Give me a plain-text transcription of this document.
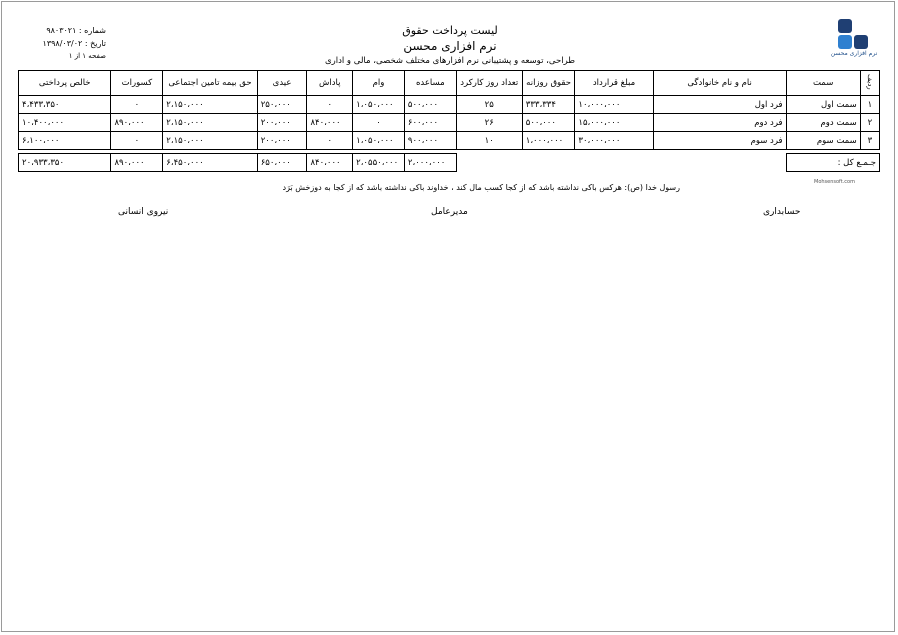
شماره : ۹۸۰۳۰۲۱
تاریخ : ۱۳۹۸/۰۳/۰۲
صفحه ۱ از ۱
لیست پرداخت حقوق
نرم افزاری محسن
طراحی، توسعه و پشتیبانی نرم افزارهای مختلف شخصی، مالی و اداری
نرم افزاری محسن
ردیف	سمت	نام و نام خانوادگی	مبلغ قرارداد	حقوق روزانه	تعداد روز کارکرد	مساعده	وام	پاداش	عیدی	حق بیمه تامین اجتماعی	کسورات	خالص پرداختی
۱	سمت اول	فرد اول	۱۰،۰۰۰،۰۰۰	۳۳۳،۳۳۴	۲۵	۵۰۰،۰۰۰	۱،۰۵۰،۰۰۰	۰	۲۵۰،۰۰۰	۲،۱۵۰،۰۰۰	۰	۴،۴۳۳،۳۵۰
۲	سمت دوم	فرد دوم	۱۵،۰۰۰،۰۰۰	۵۰۰،۰۰۰	۲۶	۶۰۰،۰۰۰	۰	۸۴۰،۰۰۰	۲۰۰،۰۰۰	۲،۱۵۰،۰۰۰	۸۹۰،۰۰۰	۱۰،۴۰۰،۰۰۰
۳	سمت سوم	فرد سوم	۳۰،۰۰۰،۰۰۰	۱،۰۰۰،۰۰۰	۱۰	۹۰۰،۰۰۰	۱،۰۵۰،۰۰۰	۰	۲۰۰،۰۰۰	۲،۱۵۰،۰۰۰	۰	۶،۱۰۰،۰۰۰

جـمـع کل :						۲،۰۰۰،۰۰۰	۲،۰۵۵۰،۰۰۰	۸۴۰،۰۰۰	۶۵۰،۰۰۰	۶،۴۵۰،۰۰۰	۸۹۰،۰۰۰	۲۰،۹۳۳،۳۵۰
Mohsensoft.com
رسول خدا (ص): هرکس باکی نداشته باشد که از کجا کسب مال کند ، خداوند باکی نداشته باشد که از کجا به دوزخش بَرَد
حسابداری
مدیرعامل
نیروی انسانی
